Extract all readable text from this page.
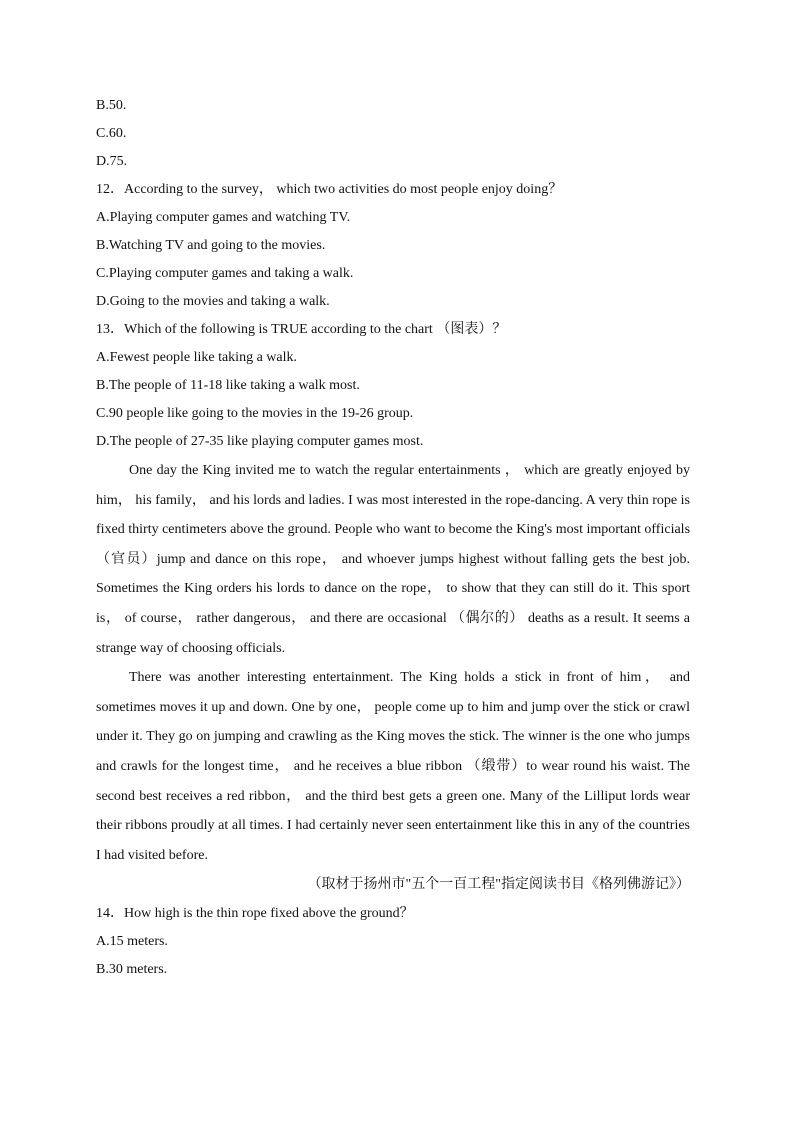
B.50.
C.60.
D.75.
12．According to the survey， which two activities do most people enjoy doing？
A.Playing computer games and watching TV.
B.Watching TV and going to the movies.
C.Playing computer games and taking a walk.
D.Going to the movies and taking a walk.
13．Which of the following is TRUE according to the chart （图表）？
A.Fewest people like taking a walk.
B.The people of 11-18 like taking a walk most.
C.90 people like going to the movies in the 19-26 group.
D.The people of 27-35 like playing computer games most.

One day the King invited me to watch the regular entertainments ， which are greatly enjoyed by him， his family， and his lords and ladies. I was most interested in the rope-dancing. A very thin rope is fixed thirty centimeters above the ground. People who want to become the King's most important officials （官员）jump and dance on this rope， and whoever jumps highest without falling gets the best job. Sometimes the King orders his lords to dance on the rope， to show that they can still do it. This sport is， of course， rather dangerous， and there are occasional （偶尔的） deaths as a result. It seems a strange way of choosing officials.

There was another interesting entertainment. The King holds a stick in front of him， and sometimes moves it up and down. One by one， people come up to him and jump over the stick or crawl under it. They go on jumping and crawling as the King moves the stick. The winner is the one who jumps and crawls for the longest time， and he receives a blue ribbon （缎带）to wear round his waist. The second best receives a red ribbon， and the third best gets a green one. Many of the Lilliput lords wear their ribbons proudly at all times. I had certainly never seen entertainment like this in any of the countries I had visited before.

（取材于扬州市"五个一百工程"指定阅读书目《格列佛游记》）
14．How high is the thin rope fixed above the ground？
A.15 meters.
B.30 meters.
